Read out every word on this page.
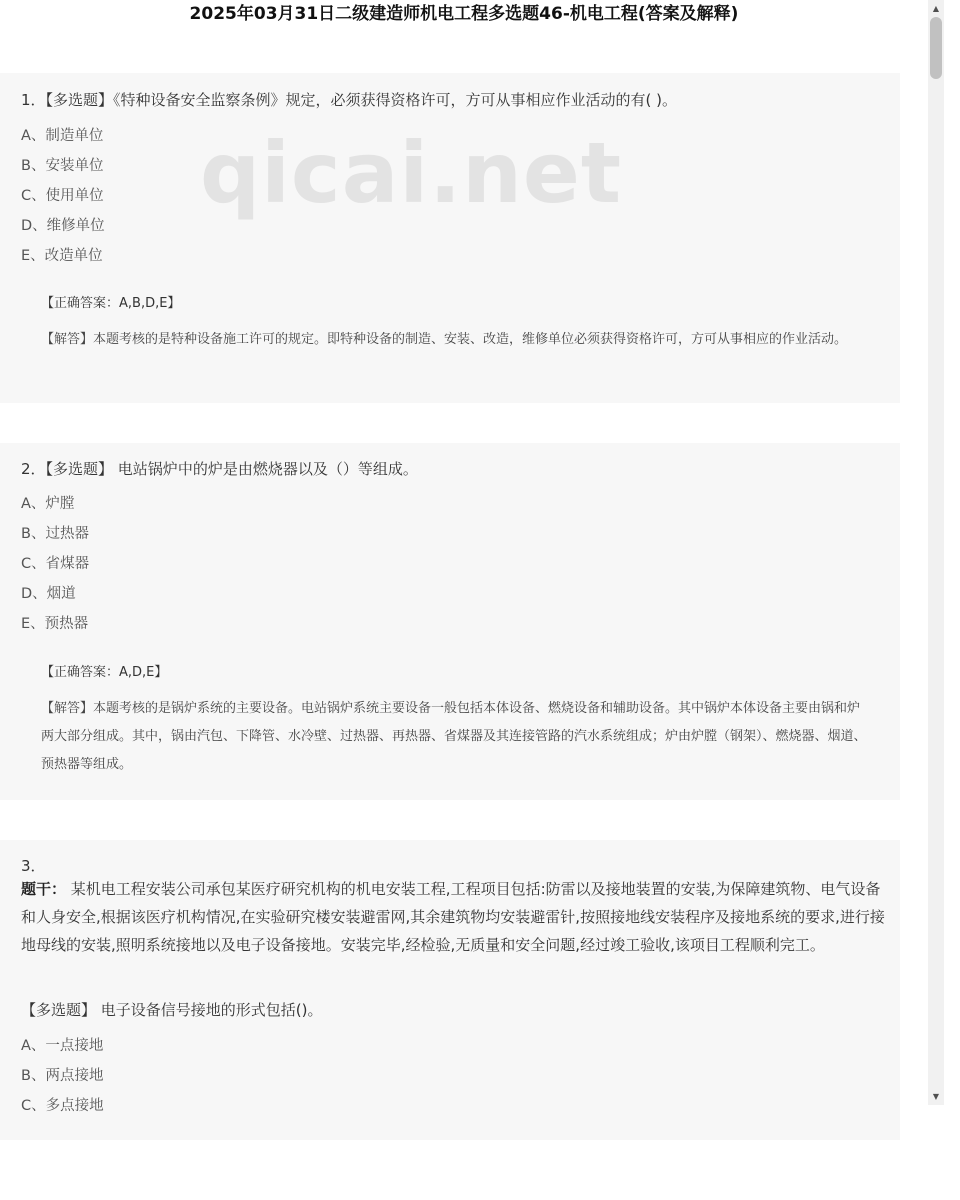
2025年03月31日二级建造师机电工程多选题46-机电工程(答案及解释)
1．【多选题】《特种设备安全监察条例》规定，必须获得资格许可，方可从事相应作业活动的有( )。
A、制造单位
B、安装单位
C、使用单位
D、维修单位
E、改造单位
【正确答案：A,B,D,E】
【解答】本题考核的是特种设备施工许可的规定。即特种设备的制造、安装、改造，维修单位必须获得资格许可，方可从事相应的作业活动。
qicai.net
2．【多选题】 电站锅炉中的炉是由燃烧器以及（）等组成。
A、炉膛
B、过热器
C、省煤器
D、烟道
E、预热器
【正确答案：A,D,E】
【解答】本题考核的是锅炉系统的主要设备。电站锅炉系统主要设备一般包括本体设备、燃烧设备和辅助设备。其中锅炉本体设备主要由锅和炉两大部分组成。其中，锅由汽包、下降管、水冷壁、过热器、再热器、省煤器及其连接管路的汽水系统组成；炉由炉膛（钢架）、燃烧器、烟道、预热器等组成。
3．
题干： 某机电工程安装公司承包某医疗研究机构的机电安装工程,工程项目包括:防雷以及接地装置的安装,为保障建筑物、电气设备和人身安全,根据该医疗机构情况,在实验研究楼安装避雷网,其余建筑物均安装避雷针,按照接地线安装程序及接地系统的要求,进行接地母线的安装,照明系统接地以及电子设备接地。安装完毕,经检验,无质量和安全问题,经过竣工验收,该项目工程顺利完工。
【多选题】 电子设备信号接地的形式包括()。
A、一点接地
B、两点接地
C、多点接地
▲
▼
